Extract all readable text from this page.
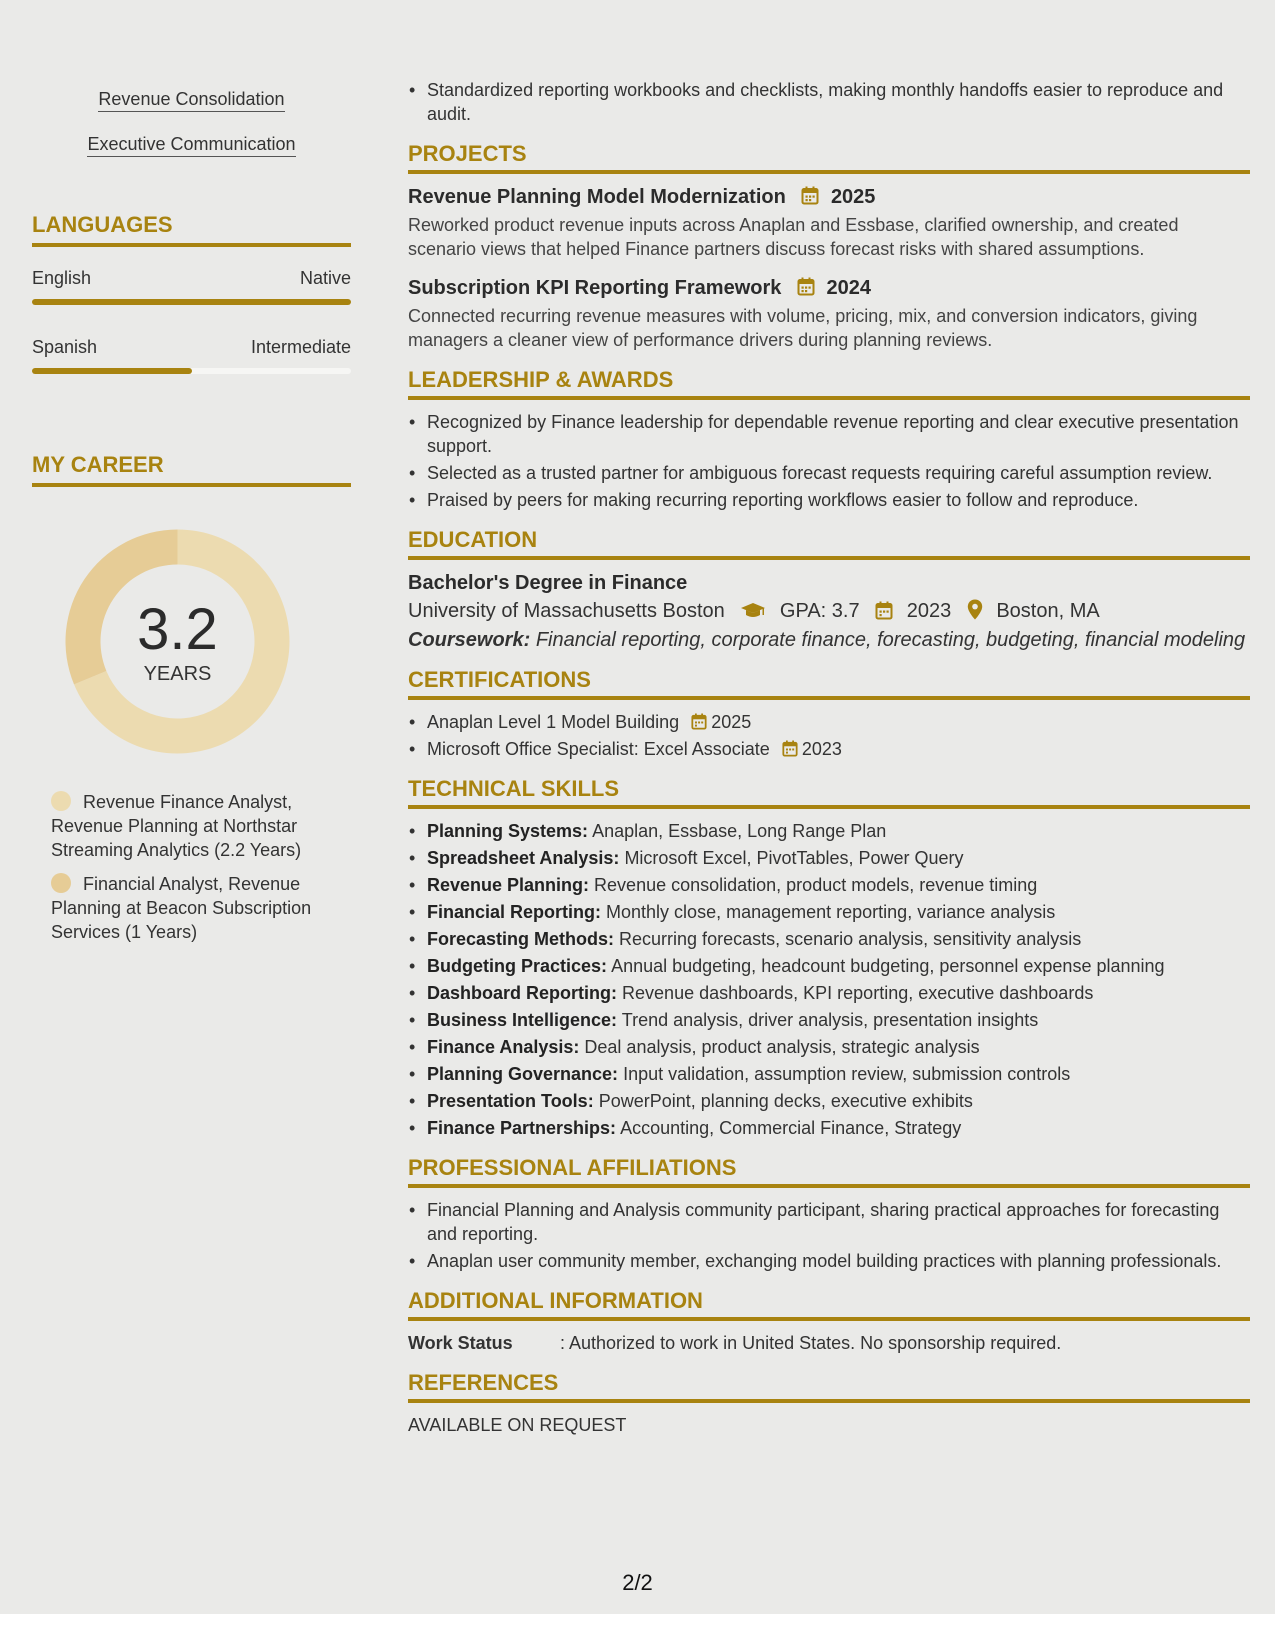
Revenue Consolidation
Executive Communication
LANGUAGES
English	Native
Spanish	Intermediate
MY CAREER
3.2
YEARS
Revenue Finance Analyst, Revenue Planning at Northstar Streaming Analytics (2.2 Years)
Financial Analyst, Revenue Planning at Beacon Subscription Services (1 Years)
• Standardized reporting workbooks and checklists, making monthly handoffs easier to reproduce and audit.
PROJECTS
Revenue Planning Model Modernization 2025
Reworked product revenue inputs across Anaplan and Essbase, clarified ownership, and created scenario views that helped Finance partners discuss forecast risks with shared assumptions.
Subscription KPI Reporting Framework 2024
Connected recurring revenue measures with volume, pricing, mix, and conversion indicators, giving managers a cleaner view of performance drivers during planning reviews.
LEADERSHIP & AWARDS
• Recognized by Finance leadership for dependable revenue reporting and clear executive presentation support.
• Selected as a trusted partner for ambiguous forecast requests requiring careful assumption review.
• Praised by peers for making recurring reporting workflows easier to follow and reproduce.
EDUCATION
Bachelor's Degree in Finance
University of Massachusetts Boston	GPA: 3.7 2023 Boston, MA
Coursework: Financial reporting, corporate finance, forecasting, budgeting, financial modeling
CERTIFICATIONS
• Anaplan Level 1 Model Building 2025
• Microsoft Office Specialist: Excel Associate 2023
TECHNICAL SKILLS
• Planning Systems: Anaplan, Essbase, Long Range Plan
• Spreadsheet Analysis: Microsoft Excel, PivotTables, Power Query
• Revenue Planning: Revenue consolidation, product models, revenue timing
• Financial Reporting: Monthly close, management reporting, variance analysis
• Forecasting Methods: Recurring forecasts, scenario analysis, sensitivity analysis
• Budgeting Practices: Annual budgeting, headcount budgeting, personnel expense planning
• Dashboard Reporting: Revenue dashboards, KPI reporting, executive dashboards
• Business Intelligence: Trend analysis, driver analysis, presentation insights
• Finance Analysis: Deal analysis, product analysis, strategic analysis
• Planning Governance: Input validation, assumption review, submission controls
• Presentation Tools: PowerPoint, planning decks, executive exhibits
• Finance Partnerships: Accounting, Commercial Finance, Strategy
PROFESSIONAL AFFILIATIONS
• Financial Planning and Analysis community participant, sharing practical approaches for forecasting and reporting.
• Anaplan user community member, exchanging model building practices with planning professionals.
ADDITIONAL INFORMATION
Work Status	: Authorized to work in United States. No sponsorship required.
REFERENCES
AVAILABLE ON REQUEST
2/2
